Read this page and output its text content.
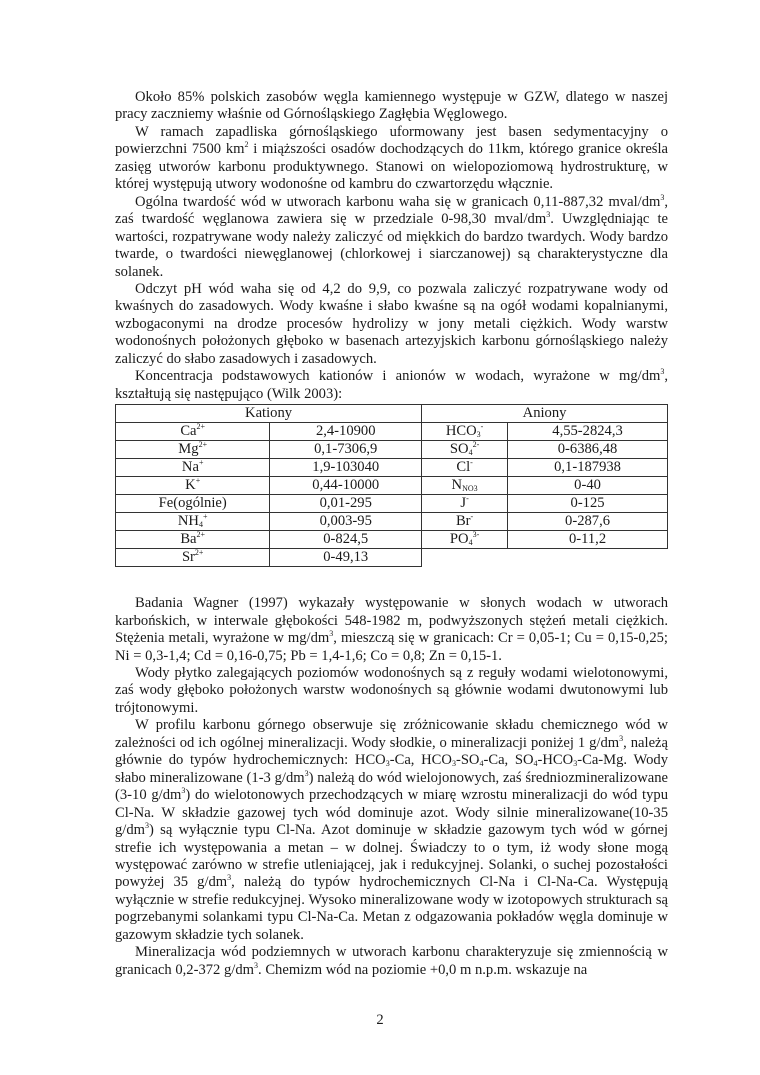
Około 85% polskich zasobów węgla kamiennego występuje w GZW, dlatego w naszej pracy zaczniemy właśnie od Górnośląskiego Zagłębia Węglowego.

W ramach zapadliska górnośląskiego uformowany jest basen sedymentacyjny o powierzchni 7500 $km^2$ i miąższości osadów dochodzących do 11km, którego granice określa zasięg utworów karbonu produktywnego. Stanowi on wielopoziomową hydrostrukturę, w której występują utwory wodonośne od kambru do czwartorzędu włącznie.

Ogólna twardość wód w utworach karbonu waha się w granicach 0,11-887,32 mval/$dm^3$, zaś twardość węglanowa zawiera się w przedziale 0-98,30 mval/$dm^3$. Uwzględniając te wartości, rozpatrywane wody należy zaliczyć od miękkich do bardzo twardych. Wody bardzo twarde, o twardości niewęglanowej (chlorkowej i siarczanowej) są charakterystyczne dla solanek.

Odczyt pH wód waha się od 4,2 do 9,9, co pozwala zaliczyć rozpatrywane wody od kwaśnych do zasadowych. Wody kwaśne i słabo kwaśne są na ogół wodami kopalnianymi, wzbogaconymi na drodze procesów hydrolizy w jony metali ciężkich. Wody warstw wodonośnych położonych głęboko w basenach artezyjskich karbonu górnośląskiego należy zaliczyć do słabo zasadowych i zasadowych.

Koncentracja podstawowych kationów i anionów w wodach, wyrażone w $mg/dm^3$, kształtują się następująco (Wilk 2003):

Kationy		Aniony	
$Ca^{2+}$	2,4-10900	$HCO_3^-$	4,55-2824,3
$Mg^{2+}$	0,1-7306,9	$SO_4^{2-}$	0-6386,48
Na+	1,9-103040	Cl-	0,1-187938
K+	0,44-10000	$N_{NO3}$	0-40
Fe(ogólnie)	0,01-295	J-	0-125
$NH_4^+$	0,003-95	Br-	0-287,6
$Ba^{2+}$	0-824,5	$PO_4^{3-}$	0-11,2
$Sr^{2+}$	0-49,13		

Badania Wagner (1997) wykazały występowanie w słonych wodach w utworach karbońskich, w interwale głębokości 548-1982 m, podwyższonych stężeń metali ciężkich. Stężenia metali, wyrażone w $mg/dm^3$, mieszczą się w granicach: Cr = 0,05-1; Cu = 0,15-0,25; Ni = 0,3-1,4; Cd = 0,16-0,75; Pb = 1,4-1,6; Co = 0,8; Zn = 0,15-1.

Wody płytko zalegających poziomów wodonośnych są z reguły wodami wielotonowymi, zaś wody głęboko położonych warstw wodonośnych są głównie wodami dwutonowymi lub trójtonowymi.

W profilu karbonu górnego obserwuje się zróżnicowanie składu chemicznego wód w zależności od ich ogólnej mineralizacji. Wody słodkie, o mineralizacji poniżej 1 $g/dm^3$, należą głównie do typów hydrochemicznych: $HCO_3-Ca$, $HCO_3-SO_4-Ca$, $SO_4-HCO_3-Ca-Mg$. Wody słabo mineralizowane (1-3 $g/dm^3$) należą do wód wielojonowych, zaś średniozmineralizowane (3-10 $g/dm^3$) do wielotonowych przechodzących w miarę wzrostu mineralizacji do wód typu Cl-Na. W składzie gazowej tych wód dominuje azot. Wody silnie mineralizowane(10-35 $g/dm^3$) są wyłącznie typu Cl-Na. Azot dominuje w składzie gazowym tych wód w górnej strefie ich występowania a metan – w dolnej. Świadczy to o tym, iż wody słone mogą występować zarówno w strefie utleniającej, jak i redukcyjnej. Solanki, o suchej pozostałości powyżej 35 $g/dm^3$, należą do typów hydrochemicznych Cl-Na i Cl-Na-Ca. Występują wyłącznie w strefie redukcyjnej. Wysoko mineralizowane wody w izotopowych strukturach są pogrzebanymi solankami typu Cl-Na-Ca. Metan z odgazowania pokładów węgla dominuje w gazowym składzie tych solanek.

Mineralizacja wód podziemnych w utworach karbonu charakteryzuje się zmiennością w granicach 0,2-372 $g/dm^3$. Chemizm wód na poziomie +0,0 m n.p.m. wskazuje na

2
